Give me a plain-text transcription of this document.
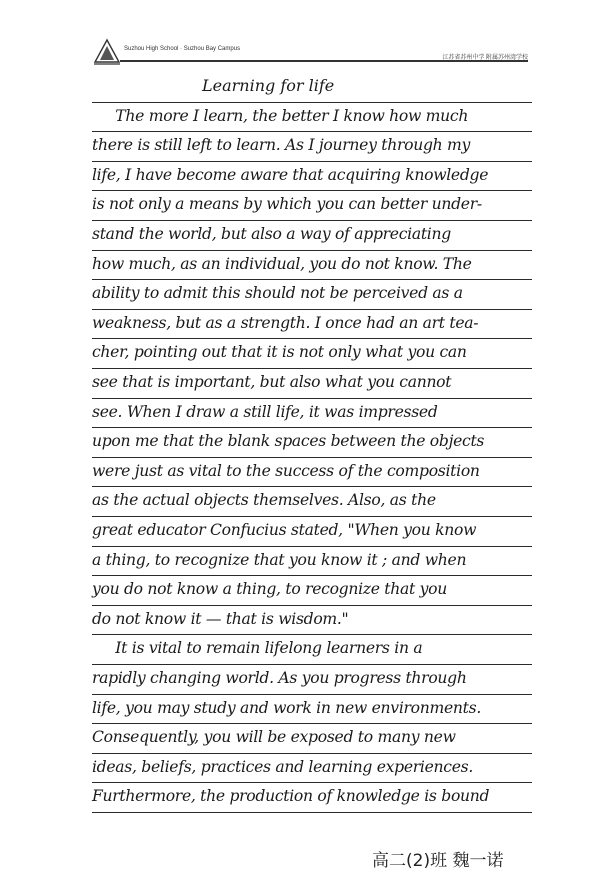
Suzhou High School · Suzhou Bay Campus
江苏省苏州中学 附属苏州湾学校
Learning for life
The more I learn, the better I know how much
there is still left to learn. As I journey through my
life, I have become aware that acquiring knowledge
is not only a means by which you can better under-
stand the world, but also a way of appreciating
how much, as an individual, you do not know. The
ability to admit this should not be perceived as a
weakness, but as a strength. I once had an art tea-
cher, pointing out that it is not only what you can
see that is important, but also what you cannot
see. When I draw a still life, it was impressed
upon me that the blank spaces between the objects
were just as vital to the success of the composition
as the actual objects themselves. Also, as the
great educator Confucius stated, "When you know
a thing, to recognize that you know it ; and when
you do not know a thing, to recognize that you
do not know it — that is wisdom."
It is vital to remain lifelong learners in a
rapidly changing world. As you progress through
life, you may study and work in new environments.
Consequently, you will be exposed to many new
ideas, beliefs, practices and learning experiences.
Furthermore, the production of knowledge is bound
高二(2)班 魏一诺
